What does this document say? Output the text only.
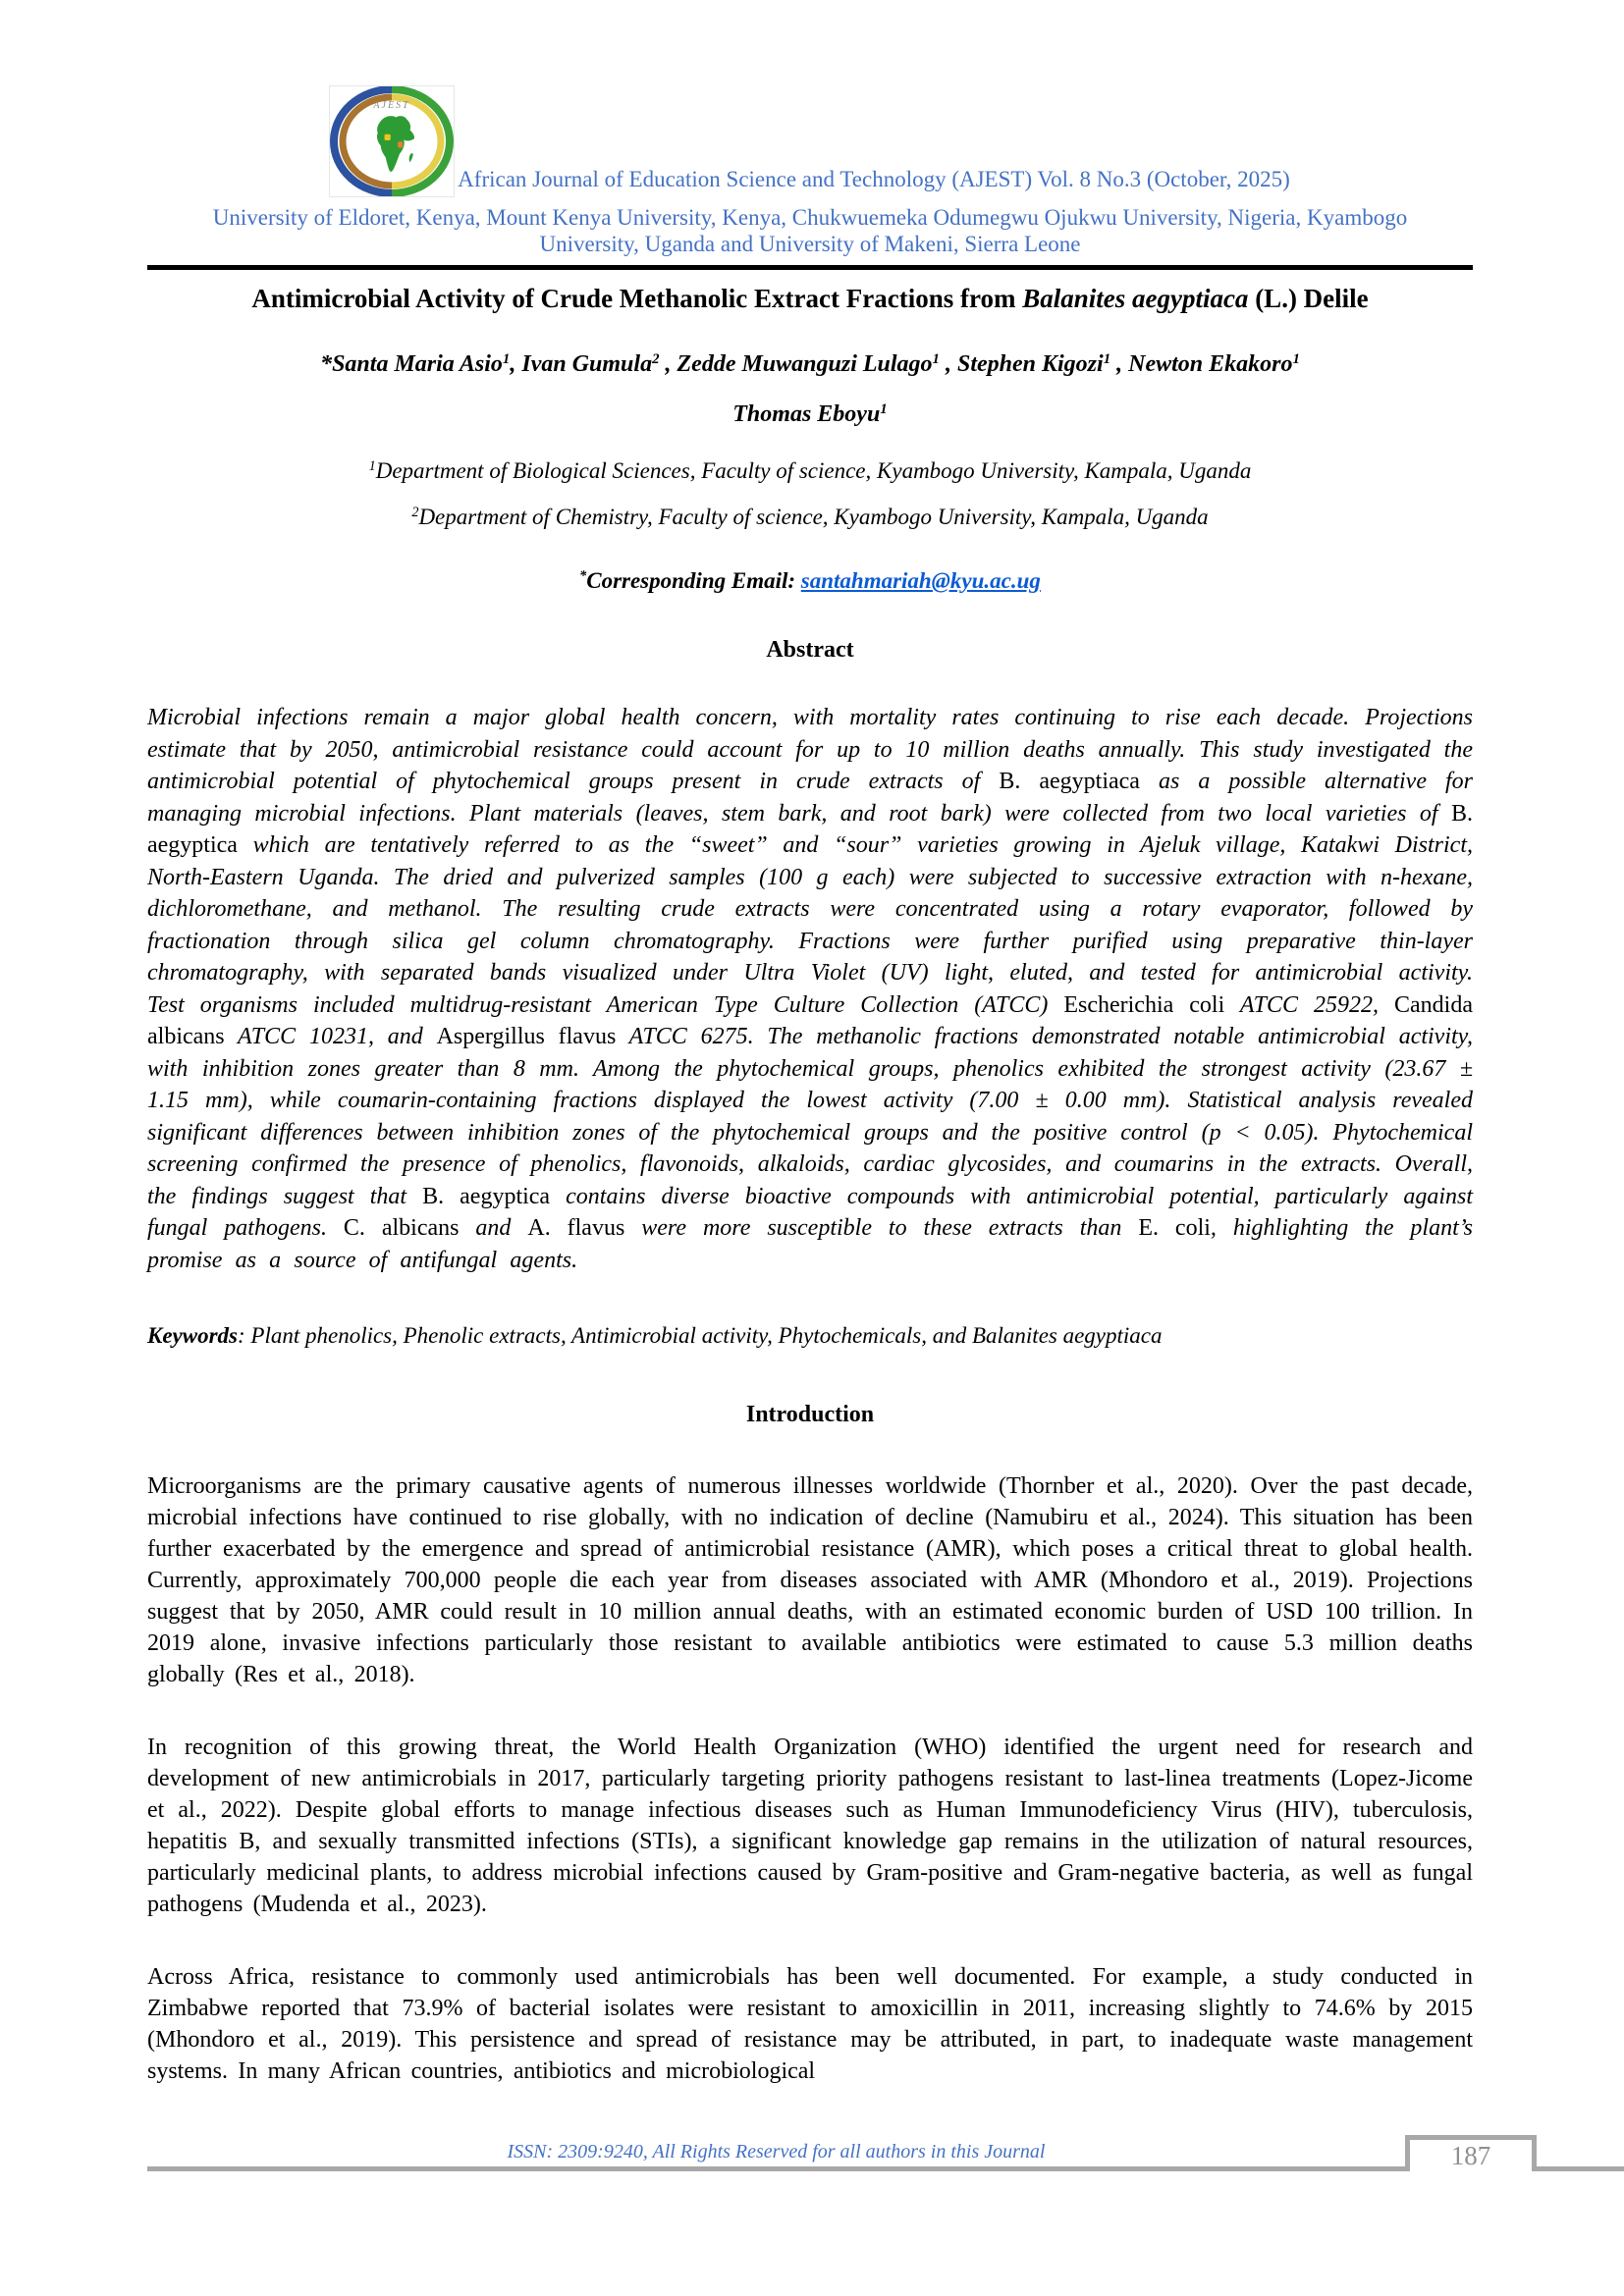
AJEST
African Journal of Education Science and Technology (AJEST) Vol. 8 No.3 (October, 2025)
University of Eldoret, Kenya, Mount Kenya University, Kenya, Chukwuemeka Odumegwu Ojukwu University, Nigeria, Kyambogo
University, Uganda and University of Makeni, Sierra Leone
Antimicrobial Activity of Crude Methanolic Extract Fractions from Balanites aegyptiaca (L.) Delile
*Santa Maria Asio$^1$, Ivan Gumula$^2$ , Zedde Muwanguzi Lulago$^1$ , Stephen Kigozi$^1$ , Newton Ekakoro$^1$
Thomas Eboyu$^1$
$^1$Department of Biological Sciences, Faculty of science, Kyambogo University, Kampala, Uganda
$^2$Department of Chemistry, Faculty of science, Kyambogo University, Kampala, Uganda
*Corresponding Email: santahmariah@kyu.ac.ug
Abstract

Microbial infections remain a major global health concern, with mortality rates continuing to rise each decade. Projections estimate that by 2050, antimicrobial resistance could account for up to 10 million deaths annually. This study investigated the antimicrobial potential of phytochemical groups present in crude extracts of B. aegyptiaca as a possible alternative for managing microbial infections. Plant materials (leaves, stem bark, and root bark) were collected from two local varieties of B. aegyptica which are tentatively referred to as the “sweet” and “sour” varieties growing in Ajeluk village, Katakwi District, North-Eastern Uganda. The dried and pulverized samples (100 g each) were subjected to successive extraction with n-hexane, dichloromethane, and methanol. The resulting crude extracts were concentrated using a rotary evaporator, followed by fractionation through silica gel column chromatography. Fractions were further purified using preparative thin-layer chromatography, with separated bands visualized under Ultra Violet (UV) light, eluted, and tested for antimicrobial activity. Test organisms included multidrug-resistant American Type Culture Collection (ATCC) Escherichia coli ATCC 25922, Candida albicans ATCC 10231, and Aspergillus flavus ATCC 6275. The methanolic fractions demonstrated notable antimicrobial activity, with inhibition zones greater than 8 mm. Among the phytochemical groups, phenolics exhibited the strongest activity (23.67 ± 1.15 mm), while coumarin-containing fractions displayed the lowest activity (7.00 ± 0.00 mm). Statistical analysis revealed significant differences between inhibition zones of the phytochemical groups and the positive control (p < 0.05). Phytochemical screening confirmed the presence of phenolics, flavonoids, alkaloids, cardiac glycosides, and coumarins in the extracts. Overall, the findings suggest that B. aegyptica contains diverse bioactive compounds with antimicrobial potential, particularly against fungal pathogens. C. albicans and A. flavus were more susceptible to these extracts than E. coli, highlighting the plant’s promise as a source of antifungal agents.

Keywords: Plant phenolics, Phenolic extracts, Antimicrobial activity, Phytochemicals, and Balanites aegyptiaca

Introduction

Microorganisms are the primary causative agents of numerous illnesses worldwide (Thornber et al., 2020). Over the past decade, microbial infections have continued to rise globally, with no indication of decline (Namubiru et al., 2024). This situation has been further exacerbated by the emergence and spread of antimicrobial resistance (AMR), which poses a critical threat to global health. Currently, approximately 700,000 people die each year from diseases associated with AMR (Mhondoro et al., 2019). Projections suggest that by 2050, AMR could result in 10 million annual deaths, with an estimated economic burden of USD 100 trillion. In 2019 alone, invasive infections particularly those resistant to available antibiotics were estimated to cause 5.3 million deaths globally (Res et al., 2018).

In recognition of this growing threat, the World Health Organization (WHO) identified the urgent need for research and development of new antimicrobials in 2017, particularly targeting priority pathogens resistant to last-linea treatments (Lopez-Jicome et al., 2022). Despite global efforts to manage infectious diseases such as Human Immunodeficiency Virus (HIV), tuberculosis, hepatitis B, and sexually transmitted infections (STIs), a significant knowledge gap remains in the utilization of natural resources, particularly medicinal plants, to address microbial infections caused by Gram-positive and Gram-negative bacteria, as well as fungal pathogens (Mudenda et al., 2023).

Across Africa, resistance to commonly used antimicrobials has been well documented. For example, a study conducted in Zimbabwe reported that 73.9% of bacterial isolates were resistant to amoxicillin in 2011, increasing slightly to 74.6% by 2015 (Mhondoro et al., 2019). This persistence and spread of resistance may be attributed, in part, to inadequate waste management systems. In many African countries, antibiotics and microbiological

ISSN: 2309:9240, All Rights Reserved for all authors in this Journal	187
